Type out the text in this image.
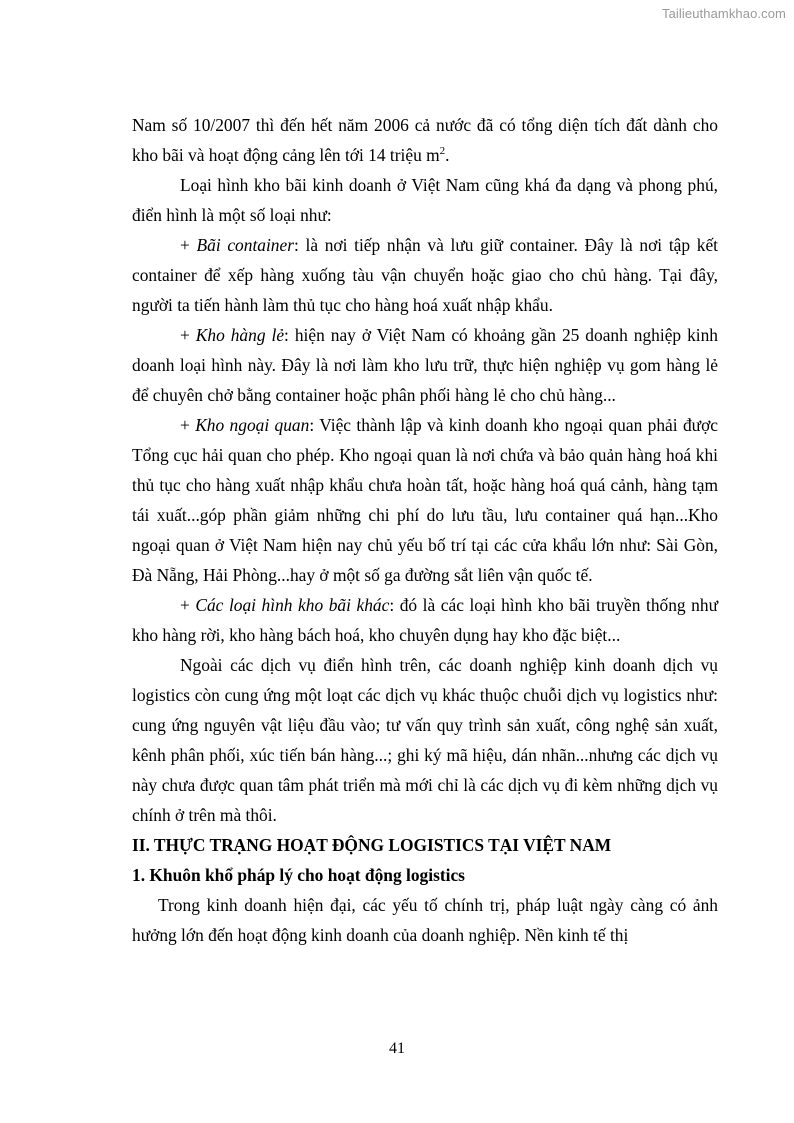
Tailieuthamkhao.com

Nam số 10/2007 thì đến hết năm 2006 cả nước đã có tổng diện tích đất dành cho kho bãi và hoạt động cảng lên tới 14 triệu $m^2$.

Loại hình kho bãi kinh doanh ở Việt Nam cũng khá đa dạng và phong phú, điển hình là một số loại như:

+ Bãi container: là nơi tiếp nhận và lưu giữ container. Đây là nơi tập kết container để xếp hàng xuống tàu vận chuyển hoặc giao cho chủ hàng. Tại đây, người ta tiến hành làm thủ tục cho hàng hoá xuất nhập khẩu.

+ Kho hàng lẻ: hiện nay ở Việt Nam có khoảng gần 25 doanh nghiệp kinh doanh loại hình này. Đây là nơi làm kho lưu trữ, thực hiện nghiệp vụ gom hàng lẻ để chuyên chở bằng container hoặc phân phối hàng lẻ cho chủ hàng...

+ Kho ngoại quan: Việc thành lập và kinh doanh kho ngoại quan phải được Tổng cục hải quan cho phép. Kho ngoại quan là nơi chứa và bảo quản hàng hoá khi thủ tục cho hàng xuất nhập khẩu chưa hoàn tất, hoặc hàng hoá quá cảnh, hàng tạm tái xuất...góp phần giảm những chi phí do lưu tầu, lưu container quá hạn...Kho ngoại quan ở Việt Nam hiện nay chủ yếu bố trí tại các cửa khẩu lớn như: Sài Gòn, Đà Nẵng, Hải Phòng...hay ở một số ga đường sắt liên vận quốc tế.

+ Các loại hình kho bãi khác: đó là các loại hình kho bãi truyền thống như kho hàng rời, kho hàng bách hoá, kho chuyên dụng hay kho đặc biệt...

Ngoài các dịch vụ điển hình trên, các doanh nghiệp kinh doanh dịch vụ logistics còn cung ứng một loạt các dịch vụ khác thuộc chuỗi dịch vụ logistics như: cung ứng nguyên vật liệu đầu vào; tư vấn quy trình sản xuất, công nghệ sản xuất, kênh phân phối, xúc tiến bán hàng...; ghi ký mã hiệu, dán nhãn...nhưng các dịch vụ này chưa được quan tâm phát triển mà mới chỉ là các dịch vụ đi kèm những dịch vụ chính ở trên mà thôi.

II. THỰC TRẠNG HOẠT ĐỘNG LOGISTICS TẠI VIỆT NAM

1. Khuôn khổ pháp lý cho hoạt động logistics

Trong kinh doanh hiện đại, các yếu tố chính trị, pháp luật ngày càng có ảnh hưởng lớn đến hoạt động kinh doanh của doanh nghiệp. Nền kinh tế thị

41
